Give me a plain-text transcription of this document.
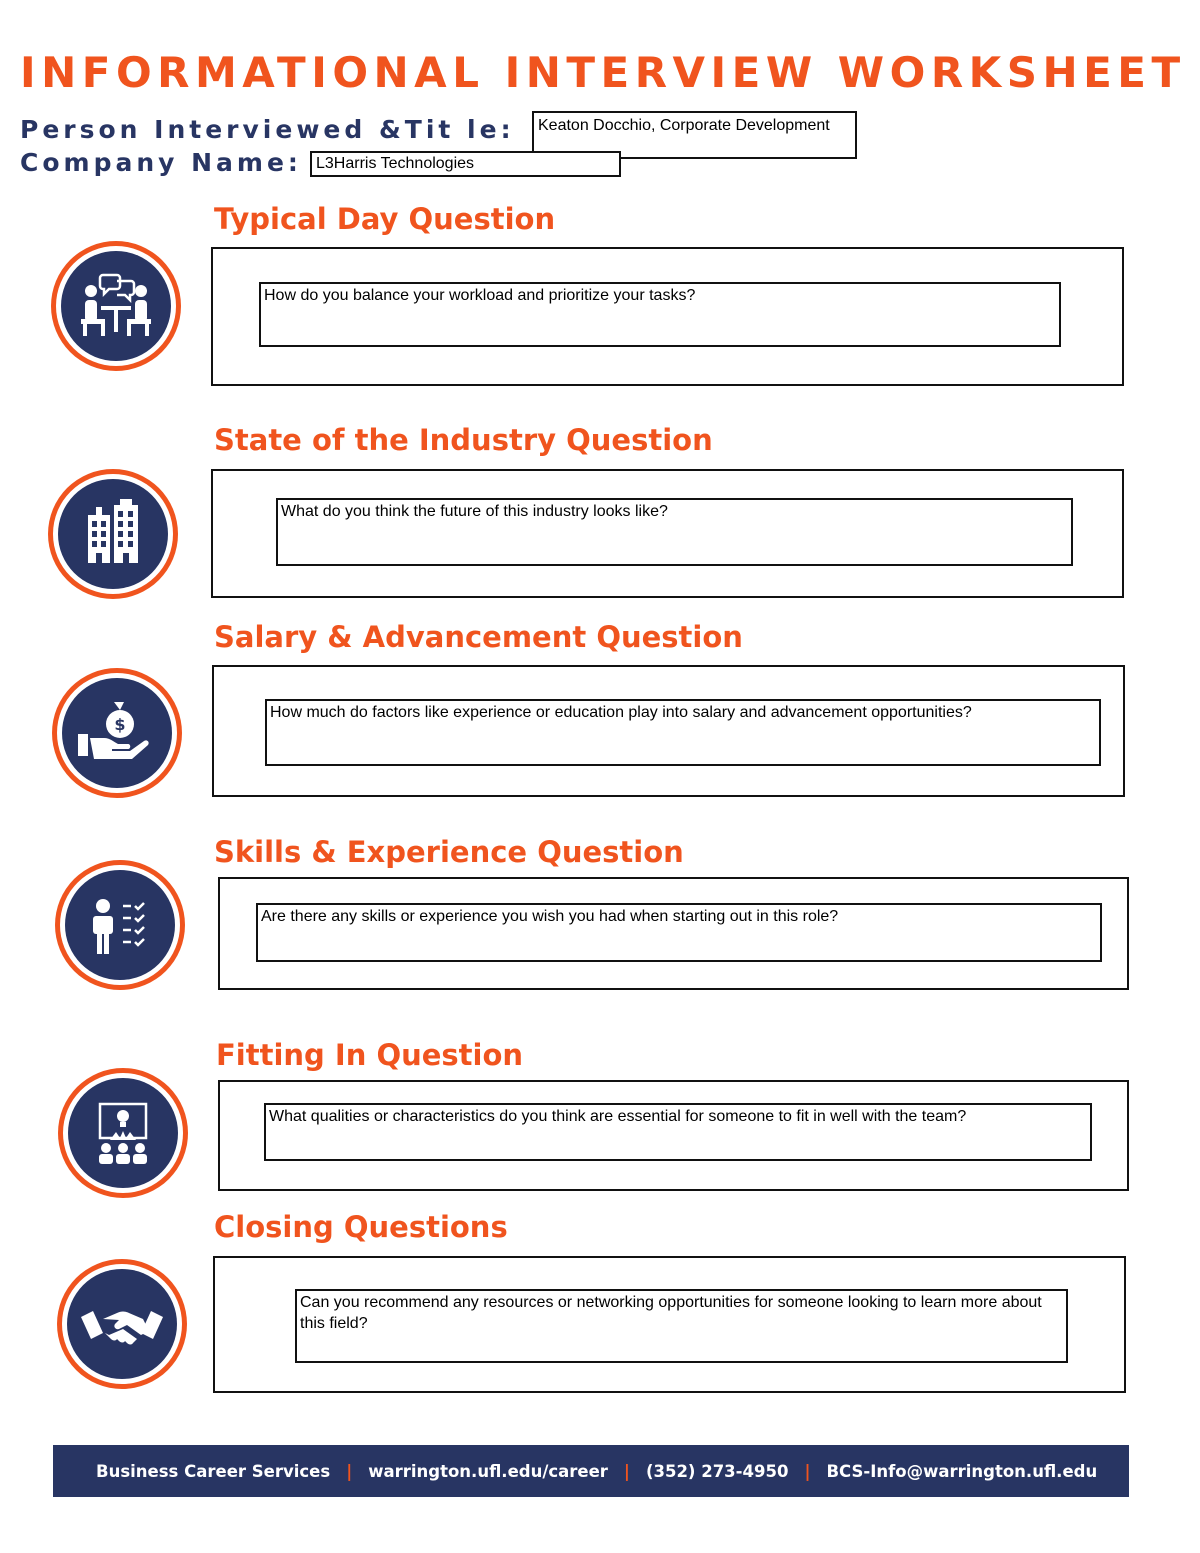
INFORMATIONAL INTERVIEW WORKSHEET
Person Interviewed &Tit le:	Keaton Docchio, Corporate Development
Company Name: L3Harris Technologies
Typical Day Question
How do you balance your workload and prioritize your tasks?
State of the Industry Question
What do you think the future of this industry looks like?
Salary & Advancement Question
$
How much do factors like experience or education play into salary and advancement opportunities?
Skills & Experience Question
Are there any skills or experience you wish you had when starting out in this role?
Fitting In Question
What qualities or characteristics do you think are essential for someone to fit in well with the team?
Closing Questions
Can you recommend any resources or networking opportunities for someone looking to learn more about this field?
Business Career Services | warrington.ufl.edu/career | (352) 273-4950 | BCS-Info@warrington.ufl.edu
